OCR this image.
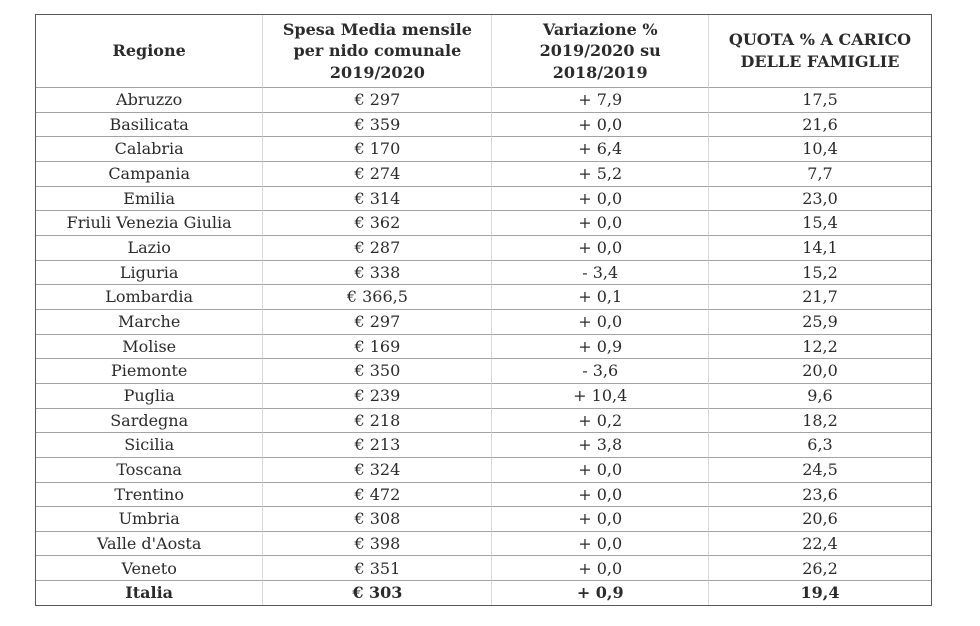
Regione	Spesa Media mensile per nido comunale 2019/2020	Variazione % 2019/2020 su 2018/2019	QUOTA % A CARICO DELLE FAMIGLIE
Abruzzo	€ 297	+ 7,9	17,5
Basilicata	€ 359	+ 0,0	21,6
Calabria	€ 170	+ 6,4	10,4
Campania	€ 274	+ 5,2	7,7
Emilia	€ 314	+ 0,0	23,0
Friuli Venezia Giulia	€ 362	+ 0,0	15,4
Lazio	€ 287	+ 0,0	14,1
Liguria	€ 338	- 3,4	15,2
Lombardia	€ 366,5	+ 0,1	21,7
Marche	€ 297	+ 0,0	25,9
Molise	€ 169	+ 0,9	12,2
Piemonte	€ 350	- 3,6	20,0
Puglia	€ 239	+ 10,4	9,6
Sardegna	€ 218	+ 0,2	18,2
Sicilia	€ 213	+ 3,8	6,3
Toscana	€ 324	+ 0,0	24,5
Trentino	€ 472	+ 0,0	23,6
Umbria	€ 308	+ 0,0	20,6
Valle d'Aosta	€ 398	+ 0,0	22,4
Veneto	€ 351	+ 0,0	26,2
Italia	€ 303	+ 0,9	19,4
